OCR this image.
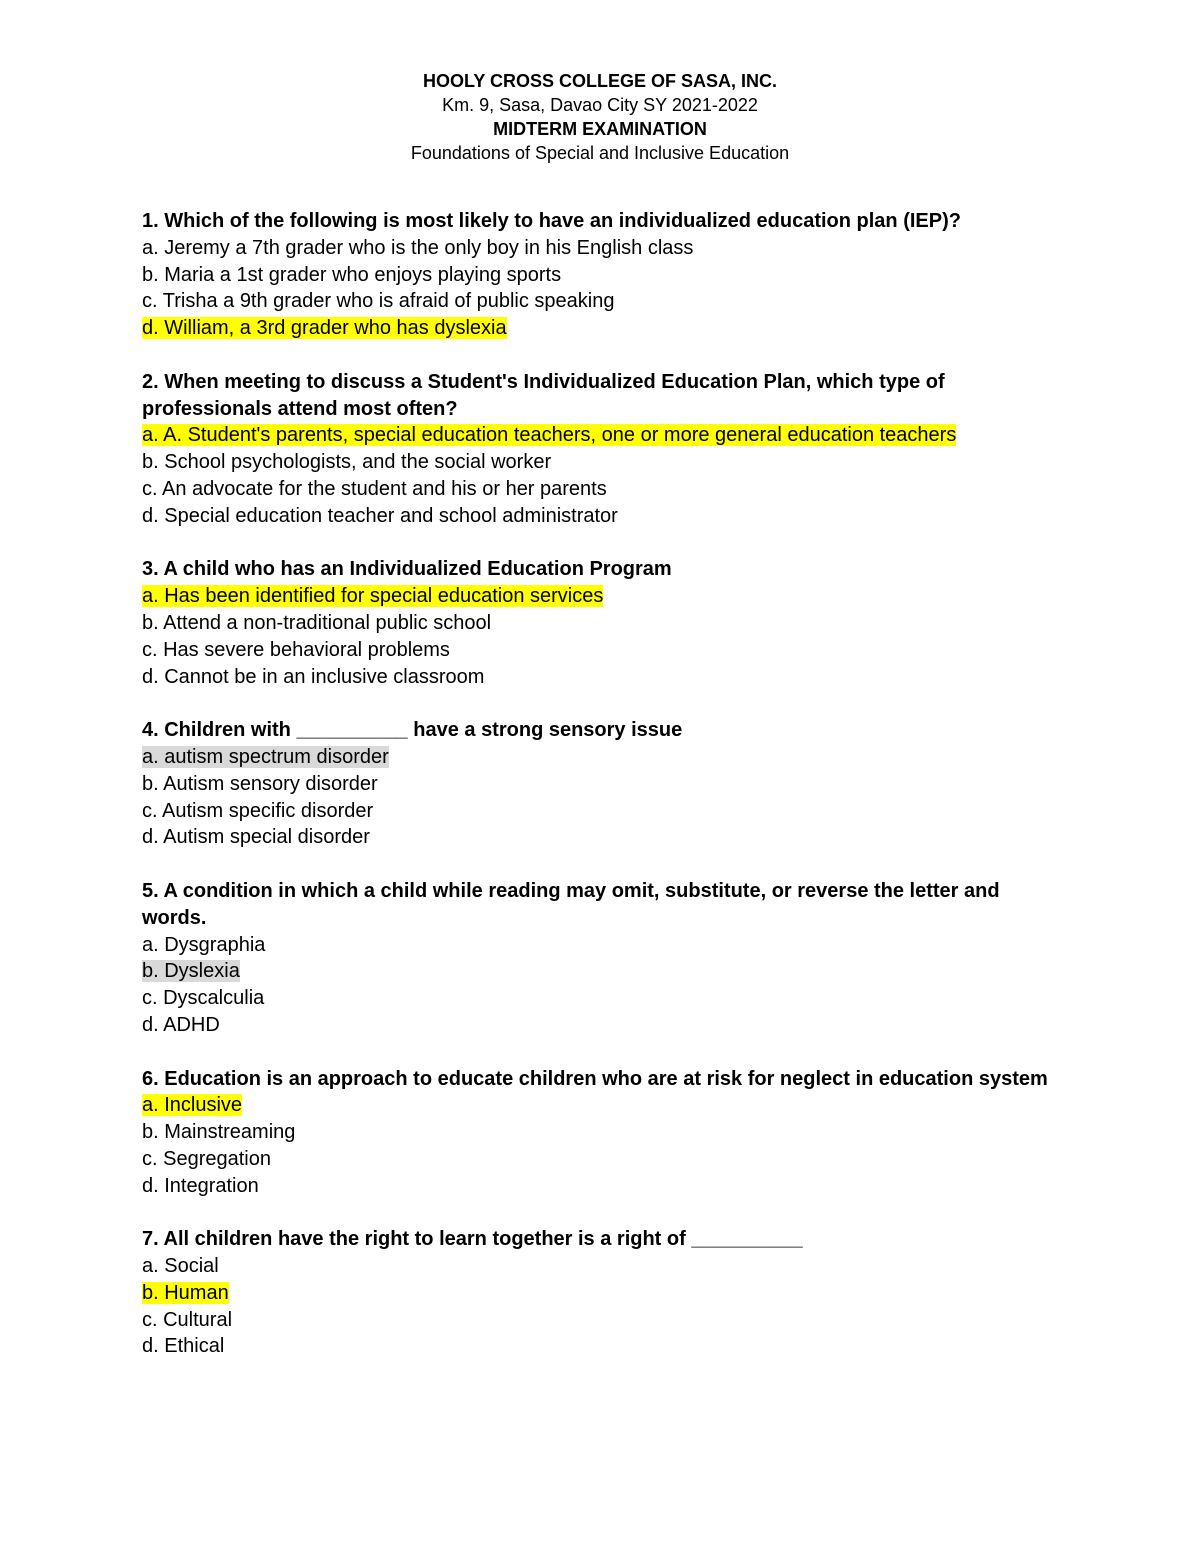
HOOLY CROSS COLLEGE OF SASA, INC.
Km. 9, Sasa, Davao City SY 2021-2022
MIDTERM EXAMINATION
Foundations of Special and Inclusive Education
1. Which of the following is most likely to have an individualized education plan (IEP)?
a. Jeremy a 7th grader who is the only boy in his English class
b. Maria a 1st grader who enjoys playing sports
c. Trisha a 9th grader who is afraid of public speaking
d. William, a 3rd grader who has dyslexia
2. When meeting to discuss a Student's Individualized Education Plan, which type of professionals attend most often?
a. A. Student's parents, special education teachers, one or more general education teachers
b. School psychologists, and the social worker
c. An advocate for the student and his or her parents
d. Special education teacher and school administrator
3. A child who has an Individualized Education Program
a. Has been identified for special education services
b. Attend a non-traditional public school
c. Has severe behavioral problems
d. Cannot be in an inclusive classroom
4. Children with __________ have a strong sensory issue
a. autism spectrum disorder
b. Autism sensory disorder
c. Autism specific disorder
d. Autism special disorder
5. A condition in which a child while reading may omit, substitute, or reverse the letter and words.
a. Dysgraphia
b. Dyslexia
c. Dyscalculia
d. ADHD
6. Education is an approach to educate children who are at risk for neglect in education system
a. Inclusive
b. Mainstreaming
c. Segregation
d. Integration
7. All children have the right to learn together is a right of __________
a. Social
b. Human
c. Cultural
d. Ethical
